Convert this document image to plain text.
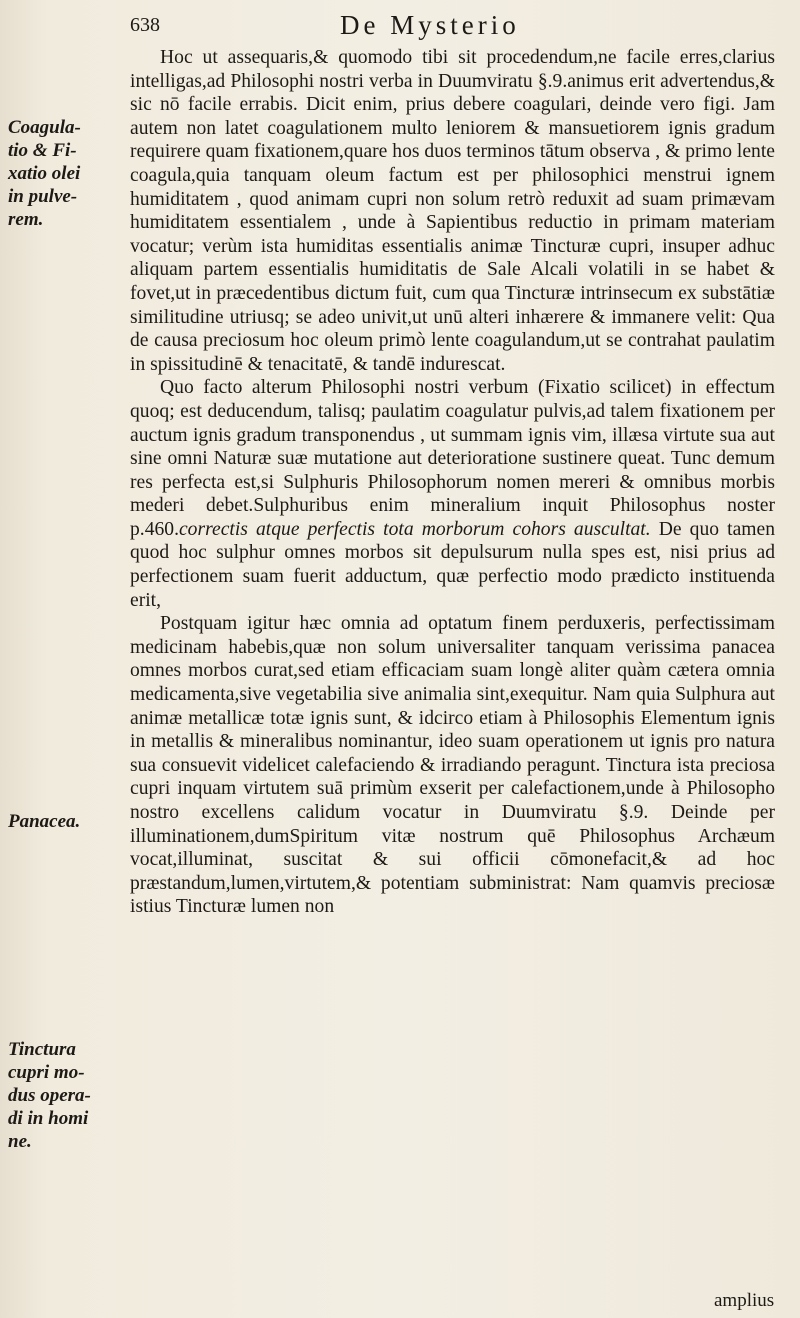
638	De Mysterio
Coagula-
tio & Fi-
xatio olei
in pulve-
rem.
Panacea.
Tinctura
cupri mo-
dus opera-
di in homi
ne.

Hoc ut assequaris,& quomodo tibi sit procedendum,ne facile erres,clarius intelligas,ad Philosophi nostri verba in Duumviratu §.9.animus erit advertendus,& sic nō facile errabis. Dicit enim, prius debere coagulari, deinde vero figi. Jam autem non latet coagulationem multo leniorem & mansuetiorem ignis gradum requirere quam fixationem,quare hos duos terminos tātum observa , & primo lente coagula,quia tanquam oleum factum est per philosophici menstrui ignem humiditatem , quod animam cupri non solum retrò reduxit ad suam primævam humiditatem essentialem , unde à Sapientibus reductio in primam materiam vocatur; verùm ista humiditas essentialis animæ Tincturæ cupri, insuper adhuc aliquam partem essentialis humiditatis de Sale Alcali volatili in se habet & fovet,ut in præcedentibus dictum fuit, cum qua Tincturæ intrinsecum ex substātiæ similitudine utriusq; se adeo univit,ut unū alteri inhærere & immanere velit: Qua de causa preciosum hoc oleum primò lente coagulandum,ut se contrahat paulatim in spissitudinē & tenacitatē, & tandē indurescat.

Quo facto alterum Philosophi nostri verbum (Fixatio scilicet) in effectum quoq; est deducendum, talisq; paulatim coagulatur pulvis,ad talem fixationem per auctum ignis gradum transponendus , ut summam ignis vim, illæsa virtute sua aut sine omni Naturæ suæ mutatione aut deterioratione sustinere queat. Tunc demum res perfecta est,si Sulphuris Philosophorum nomen mereri & omnibus morbis mederi debet.Sulphuribus enim mineralium inquit Philosophus noster p.460.correctis atque perfectis tota morborum cohors auscultat. De quo tamen quod hoc sulphur omnes morbos sit depulsurum nulla spes est, nisi prius ad perfectionem suam fuerit adductum, quæ perfectio modo prædicto instituenda erit,

Postquam igitur hæc omnia ad optatum finem perduxeris, perfectissimam medicinam habebis,quæ non solum universaliter tanquam verissima panacea omnes morbos curat,sed etiam efficaciam suam longè aliter quàm cætera omnia medicamenta,sive vegetabilia sive animalia sint,exequitur. Nam quia Sulphura aut animæ metallicæ totæ ignis sunt, & idcirco etiam à Philosophis Elementum ignis in metallis & mineralibus nominantur, ideo suam operationem ut ignis pro natura sua consuevit videlicet calefaciendo & irradiando peragunt. Tinctura ista preciosa cupri inquam virtutem suā primùm exserit per calefactionem,unde à Philosopho nostro excellens calidum vocatur in Duumviratu §.9. Deinde per illuminationem,dumSpiritum vitæ nostrum quē Philosophus Archæum vocat,illuminat, suscitat & sui officii cōmonefacit,& ad hoc præstandum,lumen,virtutem,& potentiam subministrat: Nam quamvis preciosæ istius Tincturæ lumen non

amplius
